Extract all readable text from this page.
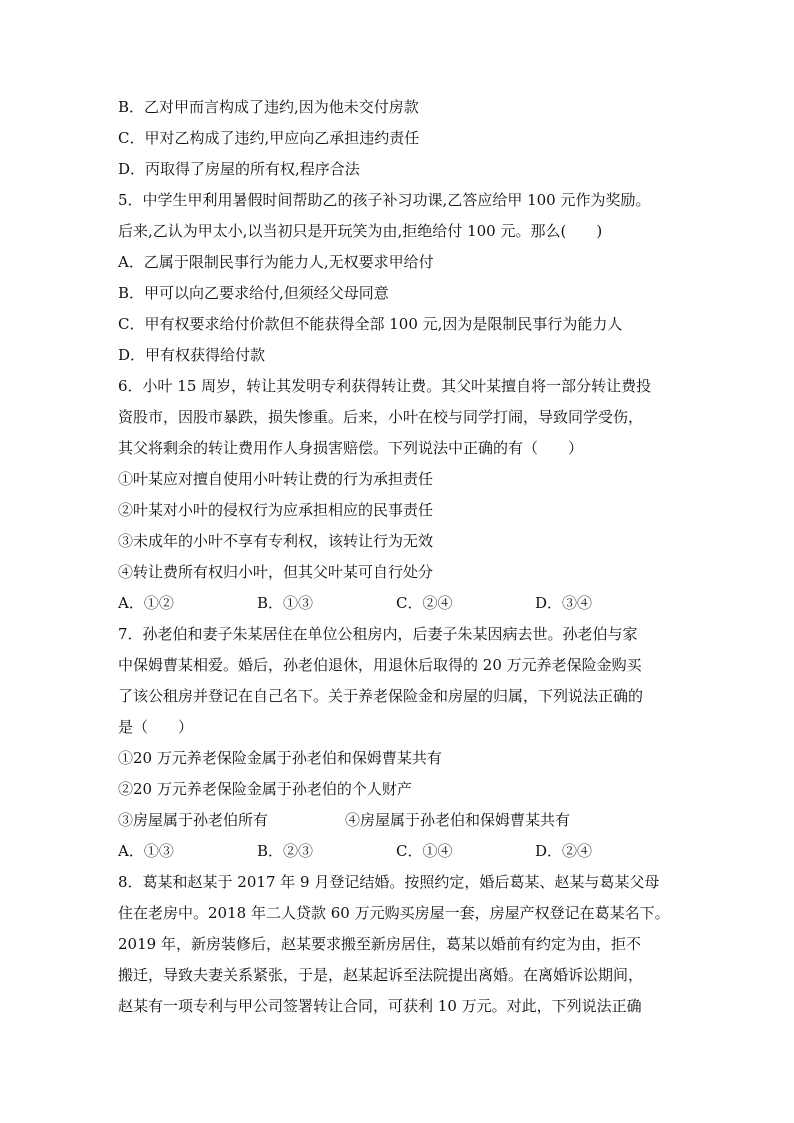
B．乙对甲而言构成了违约,因为他未交付房款
C．甲对乙构成了违约,甲应向乙承担违约责任
D．丙取得了房屋的所有权,程序合法
5．中学生甲利用暑假时间帮助乙的孩子补习功课,乙答应给甲 100 元作为奖励。
后来,乙认为甲太小,以当初只是开玩笑为由,拒绝给付 100 元。那么(　　)
A．乙属于限制民事行为能力人,无权要求甲给付
B．甲可以向乙要求给付,但须经父母同意
C．甲有权要求给付价款但不能获得全部 100 元,因为是限制民事行为能力人
D．甲有权获得给付款
6．小叶 15 周岁，转让其发明专利获得转让费。其父叶某擅自将一部分转让费投
资股市，因股市暴跌，损失惨重。后来，小叶在校与同学打闹，导致同学受伤，
其父将剩余的转让费用作人身损害赔偿。下列说法中正确的有（　　）
①叶某应对擅自使用小叶转让费的行为承担责任
②叶某对小叶的侵权行为应承担相应的民事责任
③未成年的小叶不享有专利权，该转让行为无效
④转让费所有权归小叶，但其父叶某可自行处分
A．①②	B．①③	C．②④	D．③④
7．孙老伯和妻子朱某居住在单位公租房内，后妻子朱某因病去世。孙老伯与家
中保姆曹某相爱。婚后，孙老伯退休，用退休后取得的 20 万元养老保险金购买
了该公租房并登记在自己名下。关于养老保险金和房屋的归属，下列说法正确的
是（　　）
①20 万元养老保险金属于孙老伯和保姆曹某共有
②20 万元养老保险金属于孙老伯的个人财产
③房屋属于孙老伯所有	④房屋属于孙老伯和保姆曹某共有
A．①③	B．②③	C．①④	D．②④
8．葛某和赵某于 2017 年 9 月登记结婚。按照约定，婚后葛某、赵某与葛某父母
住在老房中。2018 年二人贷款 60 万元购买房屋一套，房屋产权登记在葛某名下。
2019 年，新房装修后，赵某要求搬至新房居住，葛某以婚前有约定为由，拒不
搬迁，导致夫妻关系紧张，于是，赵某起诉至法院提出离婚。在离婚诉讼期间，
赵某有一项专利与甲公司签署转让合同，可获利 10 万元。对此，下列说法正确
